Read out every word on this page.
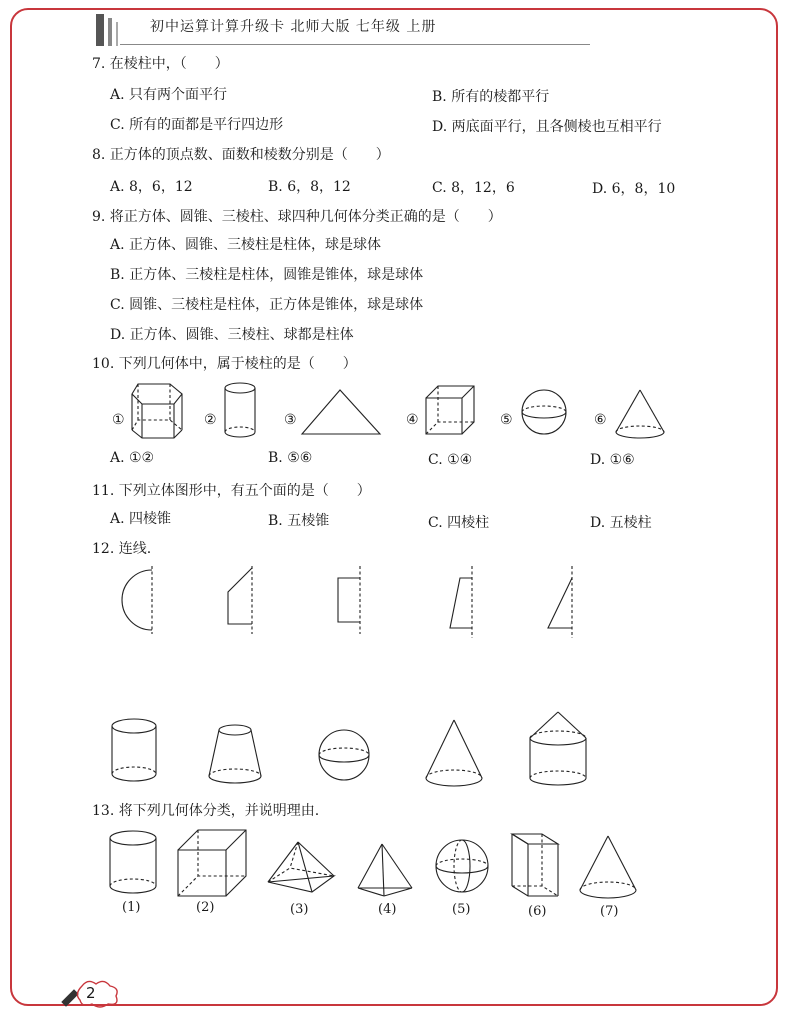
初中运算计算升级卡 北师大版 七年级 上册
7. 在棱柱中，（　　）
A. 只有两个面平行	B. 所有的棱都平行
C. 所有的面都是平行四边形	D. 两底面平行，且各侧棱也互相平行
8. 正方体的顶点数、面数和棱数分别是（　　）
A. 8，6，12	B. 6，8，12	C. 8，12，6	D. 6，8，10
9. 将正方体、圆锥、三棱柱、球四种几何体分类正确的是（　　）
A. 正方体、圆锥、三棱柱是柱体，球是球体
B. 正方体、三棱柱是柱体，圆锥是锥体，球是球体
C. 圆锥、三棱柱是柱体，正方体是锥体，球是球体
D. 正方体、圆锥、三棱柱、球都是柱体
10. 下列几何体中，属于棱柱的是（　　）
①	②	③	④	⑤	⑥
A. ①②	B. ⑤⑥	C. ①④	D. ①⑥
11. 下列立体图形中，有五个面的是（　　）
A. 四棱锥	B. 五棱锥	C. 四棱柱	D. 五棱柱
12. 连线.
13. 将下列几何体分类，并说明理由.
(1)	(2)	(3)	(4)	(5)	(6)	(7)
2
